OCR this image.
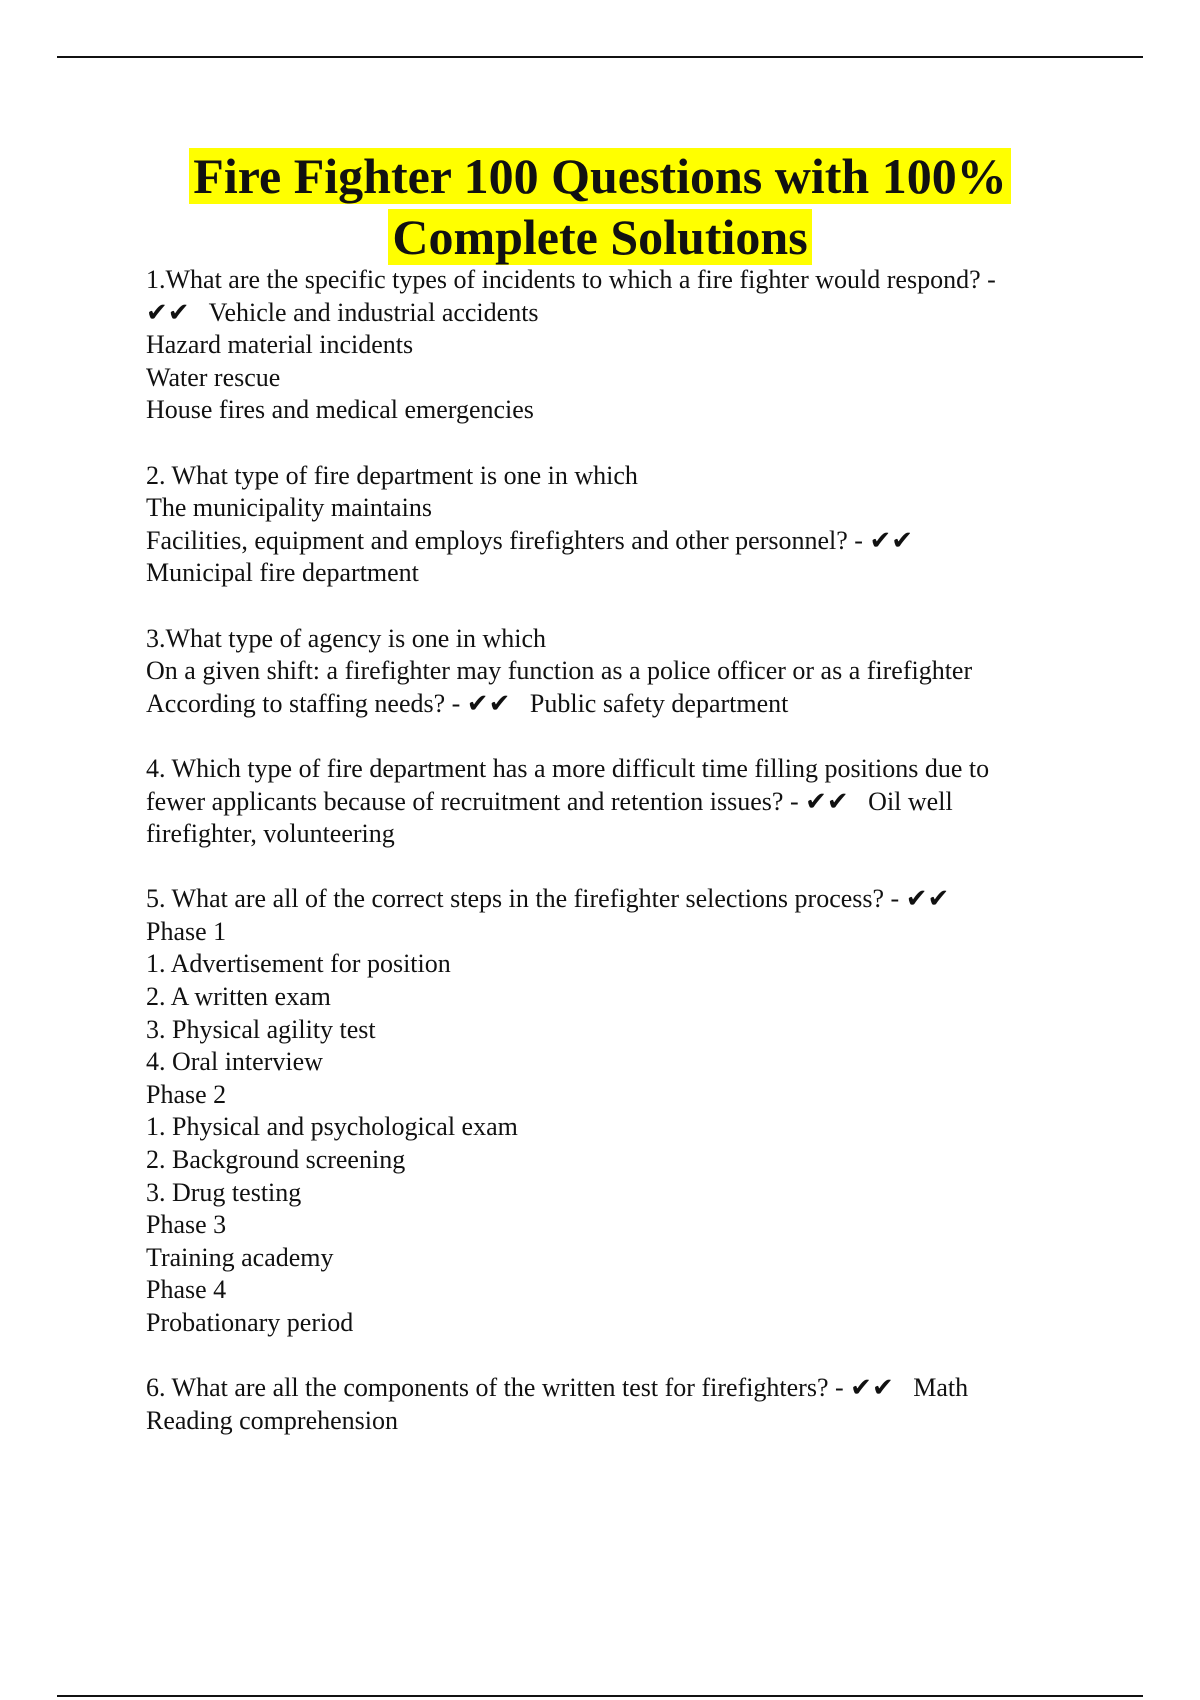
Fire Fighter 100 Questions with 100%
Complete Solutions
1.What are the specific types of incidents to which a fire fighter would respond? -
✔✔   Vehicle and industrial accidents
Hazard material incidents
Water rescue
House fires and medical emergencies
2. What type of fire department is one in which
The municipality maintains
Facilities, equipment and employs firefighters and other personnel? - ✔✔
Municipal fire department
3.What type of agency is one in which
On a given shift: a firefighter may function as a police officer or as a firefighter
According to staffing needs? - ✔✔   Public safety department
4. Which type of fire department has a more difficult time filling positions due to
fewer applicants because of recruitment and retention issues? - ✔✔   Oil well
firefighter, volunteering
5. What are all of the correct steps in the firefighter selections process? - ✔✔
Phase 1
1. Advertisement for position
2. A written exam
3. Physical agility test
4. Oral interview
Phase 2
1. Physical and psychological exam
2. Background screening
3. Drug testing
Phase 3
Training academy
Phase 4
Probationary period
6. What are all the components of the written test for firefighters? - ✔✔   Math
Reading comprehension
